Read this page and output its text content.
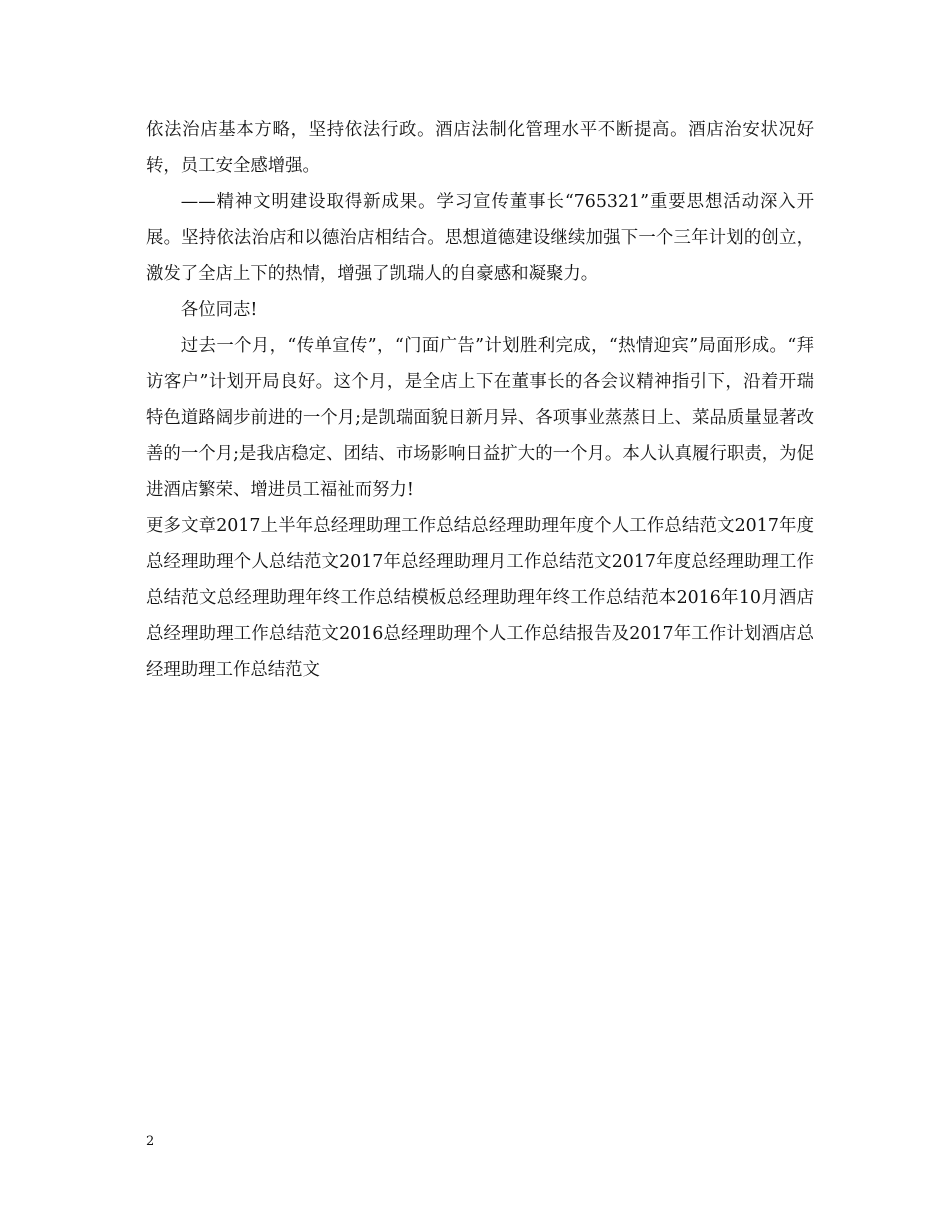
依法治店基本方略，坚持依法行政。酒店法制化管理水平不断提高。酒店治安状况好转，员工安全感增强。

——精神文明建设取得新成果。学习宣传董事长“765321”重要思想活动深入开展。坚持依法治店和以德治店相结合。思想道德建设继续加强下一个三年计划的创立，激发了全店上下的热情，增强了凯瑞人的自豪感和凝聚力。

各位同志!

过去一个月，“传单宣传”，“门面广告”计划胜利完成，“热情迎宾”局面形成。“拜访客户”计划开局良好。这个月，是全店上下在董事长的各会议精神指引下，沿着开瑞特色道路阔步前进的一个月;是凯瑞面貌日新月异、各项事业蒸蒸日上、菜品质量显著改善的一个月;是我店稳定、团结、市场影响日益扩大的一个月。本人认真履行职责，为促进酒店繁荣、增进员工福祉而努力!

更多文章2017上半年总经理助理工作总结总经理助理年度个人工作总结范文2017年度总经理助理个人总结范文2017年总经理助理月工作总结范文2017年度总经理助理工作总结范文总经理助理年终工作总结模板总经理助理年终工作总结范本2016年10月酒店总经理助理工作总结范文2016总经理助理个人工作总结报告及2017年工作计划酒店总经理助理工作总结范文

2
